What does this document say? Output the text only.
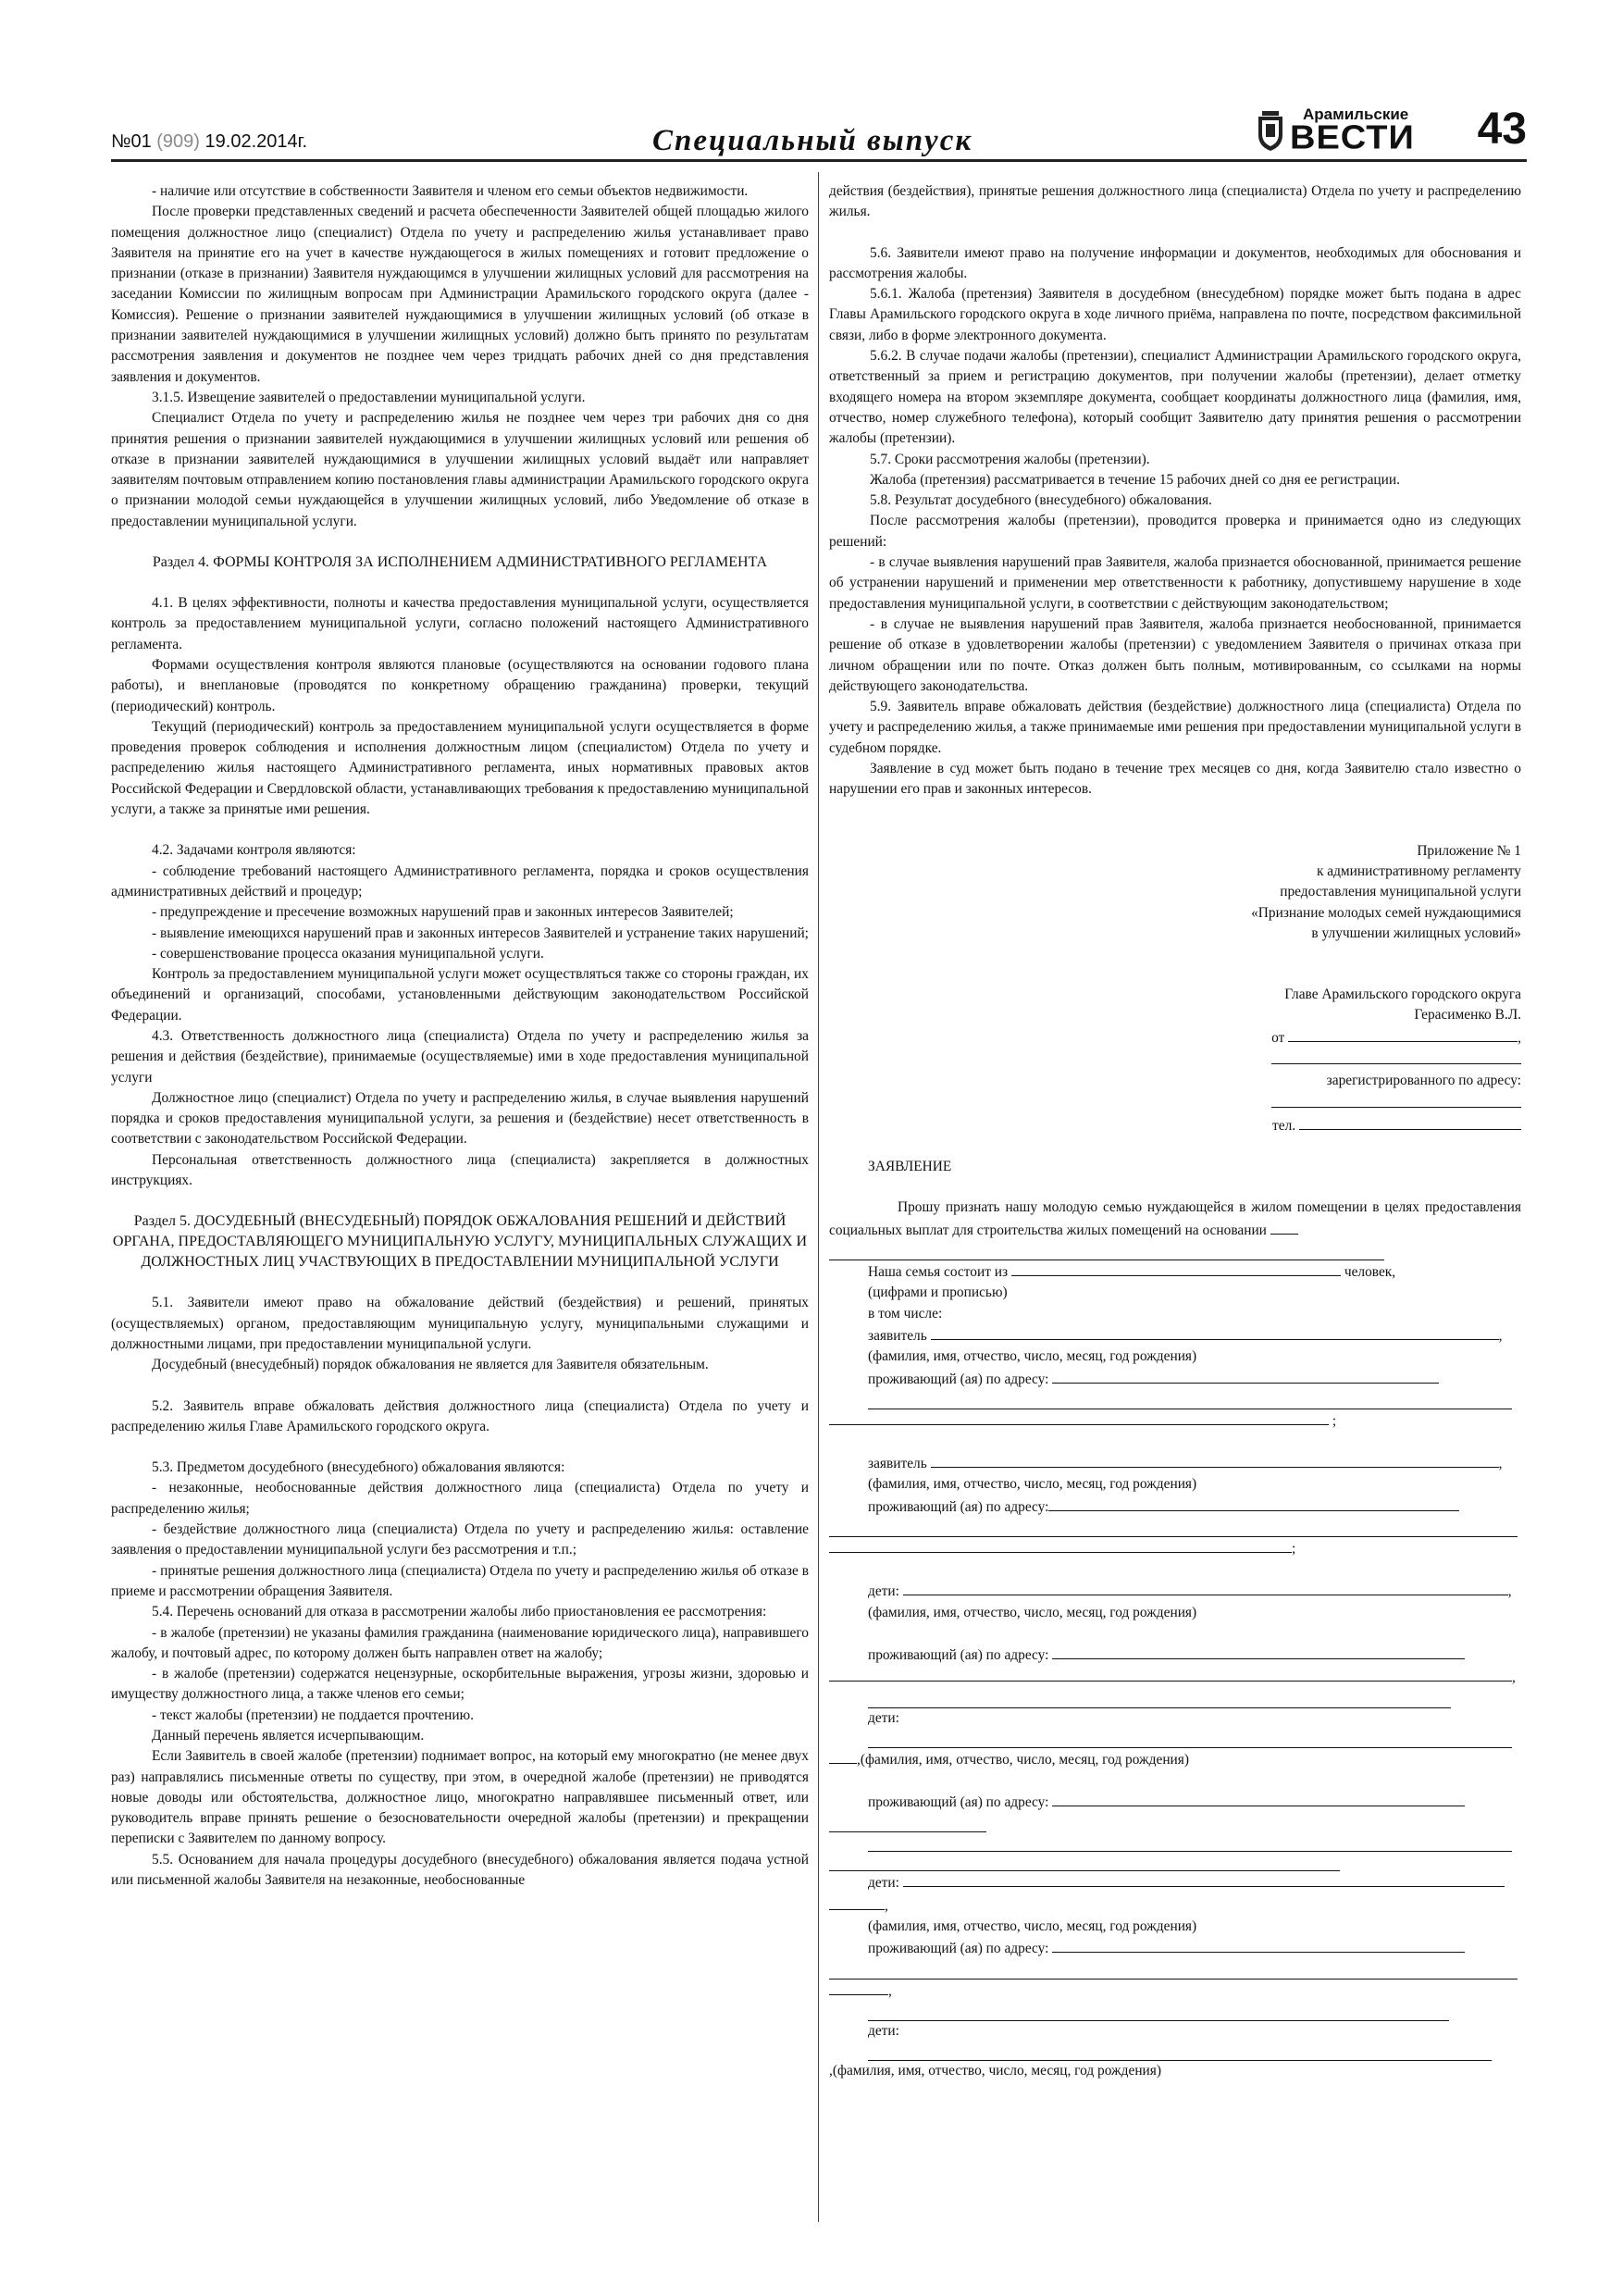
№01 (909) 19.02.2014г.	Специальный выпуск
Арамильские
ВЕСТИ 43

- наличие или отсутствие в собственности Заявителя и членом его семьи объектов недвижимости.

После проверки представленных сведений и расчета обеспеченности Заявителей общей площадью жилого помещения должностное лицо (специалист) Отдела по учету и распределению жилья устанавливает право Заявителя на принятие его на учет в качестве нуждающегося в жилых помещениях и готовит предложение о признании (отказе в признании) Заявителя нуждающимся в улучшении жилищных условий для рассмотрения на заседании Комиссии по жилищным вопросам при Администрации Арамильского городского округа (далее - Комиссия). Решение о признании заявителей нуждающимися в улучшении жилищных условий (об отказе в признании заявителей нуждающимися в улучшении жилищных условий) должно быть принято по результатам рассмотрения заявления и документов не позднее чем через тридцать рабочих дней со дня представления заявления и документов.

3.1.5. Извещение заявителей о предоставлении муниципальной услуги.

Специалист Отдела по учету и распределению жилья не позднее чем через три рабочих дня со дня принятия решения о признании заявителей нуждающимися в улучшении жилищных условий или решения об отказе в признании заявителей нуждающимися в улучшении жилищных условий выдаёт или направляет заявителям почтовым отправлением копию постановления главы администрации Арамильского городского округа о признании молодой семьи нуждающейся в улучшении жилищных условий, либо Уведомление об отказе в предоставлении муниципальной услуги.

Раздел 4. ФОРМЫ КОНТРОЛЯ ЗА ИСПОЛНЕНИЕМ АДМИНИСТРАТИВНОГО РЕГЛАМЕНТА

4.1. В целях эффективности, полноты и качества предоставления муниципальной услуги, осуществляется контроль за предоставлением муниципальной услуги, согласно положений настоящего Административного регламента.

Формами осуществления контроля являются плановые (осуществляются на основании годового плана работы), и внеплановые (проводятся по конкретному обращению гражданина) проверки, текущий (периодический) контроль.

Текущий (периодический) контроль за предоставлением муниципальной услуги осуществляется в форме проведения проверок соблюдения и исполнения должностным лицом (специалистом) Отдела по учету и распределению жилья настоящего Административного регламента, иных нормативных правовых актов Российской Федерации и Свердловской области, устанавливающих требования к предоставлению муниципальной услуги, а также за принятые ими решения.

4.2. Задачами контроля являются:

- соблюдение требований настоящего Административного регламента, порядка и сроков осуществления административных действий и процедур;

- предупреждение и пресечение возможных нарушений прав и законных интересов Заявителей;

- выявление имеющихся нарушений прав и законных интересов Заявителей и устранение таких нарушений;

- совершенствование процесса оказания муниципальной услуги.

Контроль за предоставлением муниципальной услуги может осуществляться также со стороны граждан, их объединений и организаций, способами, установленными действующим законодательством Российской Федерации.

4.3. Ответственность должностного лица (специалиста) Отдела по учету и распределению жилья за решения и действия (бездействие), принимаемые (осуществляемые) ими в ходе предоставления муниципальной услуги

Должностное лицо (специалист) Отдела по учету и распределению жилья, в случае выявления нарушений порядка и сроков предоставления муниципальной услуги, за решения и (бездействие) несет ответственность в соответствии с законодательством Российской Федерации.

Персональная ответственность должностного лица (специалиста) закрепляется в должностных инструкциях.

Раздел 5. ДОСУДЕБНЫЙ (ВНЕСУДЕБНЫЙ) ПОРЯДОК ОБЖАЛОВАНИЯ РЕШЕНИЙ И ДЕЙСТВИЙ ОРГАНА, ПРЕДОСТАВЛЯЮЩЕГО МУНИЦИПАЛЬНУЮ УСЛУГУ, МУНИЦИПАЛЬНЫХ СЛУЖАЩИХ И ДОЛЖНОСТНЫХ ЛИЦ УЧАСТВУЮЩИХ В ПРЕДОСТАВЛЕНИИ МУНИЦИПАЛЬНОЙ УСЛУГИ

5.1. Заявители имеют право на обжалование действий (бездействия) и решений, принятых (осуществляемых) органом, предоставляющим муниципальную услугу, муниципальными служащими и должностными лицами, при предоставлении муниципальной услуги.

Досудебный (внесудебный) порядок обжалования не является для Заявителя обязательным.

5.2. Заявитель вправе обжаловать действия должностного лица (специалиста) Отдела по учету и распределению жилья Главе Арамильского городского округа.

5.3. Предметом досудебного (внесудебного) обжалования являются:

- незаконные, необоснованные действия должностного лица (специалиста) Отдела по учету и распределению жилья;

- бездействие должностного лица (специалиста) Отдела по учету и распределению жилья: оставление заявления о предоставлении муниципальной услуги без рассмотрения и т.п.;

- принятые решения должностного лица (специалиста) Отдела по учету и распределению жилья об отказе в приеме и рассмотрении обращения Заявителя.

5.4. Перечень оснований для отказа в рассмотрении жалобы либо приостановления ее рассмотрения:

- в жалобе (претензии) не указаны фамилия гражданина (наименование юридического лица), направившего жалобу, и почтовый адрес, по которому должен быть направлен ответ на жалобу;

- в жалобе (претензии) содержатся нецензурные, оскорбительные выражения, угрозы жизни, здоровью и имуществу должностного лица, а также членов его семьи;

- текст жалобы (претензии) не поддается прочтению.

Данный перечень является исчерпывающим.

Если Заявитель в своей жалобе (претензии) поднимает вопрос, на который ему многократно (не менее двух раз) направлялись письменные ответы по существу, при этом, в очередной жалобе (претензии) не приводятся новые доводы или обстоятельства, должностное лицо, многократно направлявшее письменный ответ, или руководитель вправе принять решение о безосновательности очередной жалобы (претензии) и прекращении переписки с Заявителем по данному вопросу.

5.5. Основанием для начала процедуры досудебного (внесудебного) обжалования является подача устной или письменной жалобы Заявителя на незаконные, необоснованные

действия (бездействия), принятые решения должностного лица (специалиста) Отдела по учету и распределению жилья.

5.6. Заявители имеют право на получение информации и документов, необходимых для обоснования и рассмотрения жалобы.

5.6.1. Жалоба (претензия) Заявителя в досудебном (внесудебном) порядке может быть подана в адрес Главы Арамильского городского округа в ходе личного приёма, направлена по почте, посредством факсимильной связи, либо в форме электронного документа.

5.6.2. В случае подачи жалобы (претензии), специалист Администрации Арамильского городского округа, ответственный за прием и регистрацию документов, при получении жалобы (претензии), делает отметку входящего номера на втором экземпляре документа, сообщает координаты должностного лица (фамилия, имя, отчество, номер служебного телефона), который сообщит Заявителю дату принятия решения о рассмотрении жалобы (претензии).

5.7. Сроки рассмотрения жалобы (претензии).

Жалоба (претензия) рассматривается в течение 15 рабочих дней со дня ее регистрации.

5.8. Результат досудебного (внесудебного) обжалования.

После рассмотрения жалобы (претензии), проводится проверка и принимается одно из следующих решений:

- в случае выявления нарушений прав Заявителя, жалоба признается обоснованной, принимается решение об устранении нарушений и применении мер ответственности к работнику, допустившему нарушение в ходе предоставления муниципальной услуги, в соответствии с действующим законодательством;

- в случае не выявления нарушений прав Заявителя, жалоба признается необоснованной, принимается решение об отказе в удовлетворении жалобы (претензии) с уведомлением Заявителя о причинах отказа при личном обращении или по почте. Отказ должен быть полным, мотивированным, со ссылками на нормы действующего законодательства.

5.9. Заявитель вправе обжаловать действия (бездействие) должностного лица (специалиста) Отдела по учету и распределению жилья, а также принимаемые ими решения при предоставлении муниципальной услуги в судебном порядке.

Заявление в суд может быть подано в течение трех месяцев со дня, когда Заявителю стало известно о нарушении его прав и законных интересов.

Приложение № 1

к административному регламенту

предоставления муниципальной услуги

«Признание молодых семей нуждающимися

в улучшении жилищных условий»

Главе Арамильского городского округа

Герасименко В.Л.

от	,

зарегистрированного по адресу:

тел.

ЗАЯВЛЕНИЕ

Прошу признать нашу молодую семью нуждающейся в жилом помещении в целях предоставления социальных выплат для строительства жилых помещений на основании

Наша семья состоит из	человек,

(цифрами и прописью)

в том числе:

заявитель	,

(фамилия, имя, отчество, число, месяц, год рождения)

проживающий (ая) по адресу:

;

заявитель	,

(фамилия, имя, отчество, число, месяц, год рождения)

проживающий (ая) по адресу:

;

дети:	,

(фамилия, имя, отчество, число, месяц, год рождения)

проживающий (ая) по адресу:

,

дети:

,(фамилия, имя, отчество, число, месяц, год рождения)

проживающий (ая) по адресу:

дети:

,

(фамилия, имя, отчество, число, месяц, год рождения)

проживающий (ая) по адресу:

,

дети:

,(фамилия, имя, отчество, число, месяц, год рождения)
